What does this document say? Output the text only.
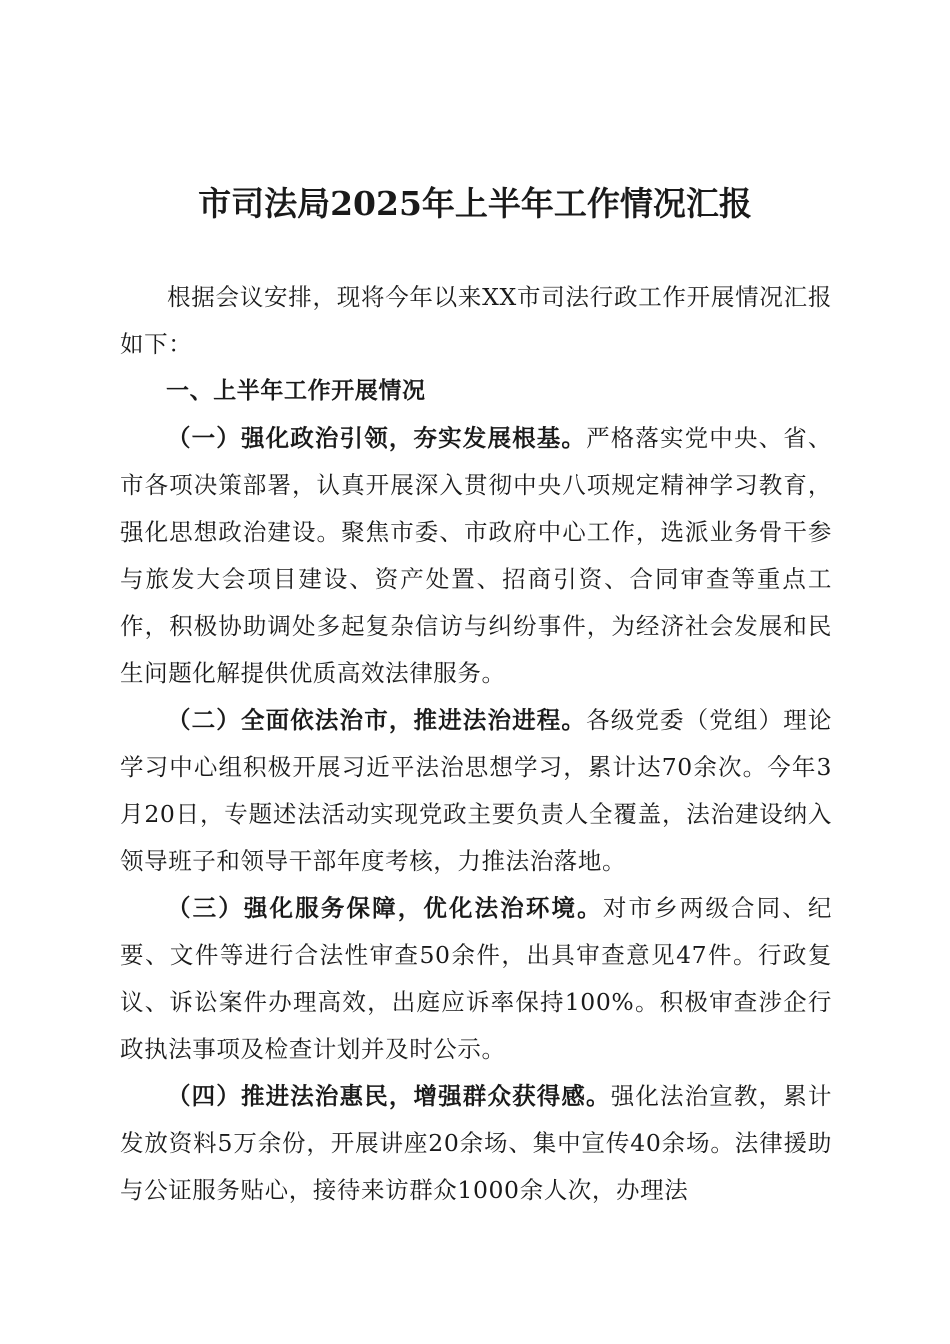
市司法局2025年上半年工作情况汇报

根据会议安排，现将今年以来XX市司法行政工作开展情况汇报如下：

一、上半年工作开展情况

（一）强化政治引领，夯实发展根基。严格落实党中央、省、市各项决策部署，认真开展深入贯彻中央八项规定精神学习教育，强化思想政治建设。聚焦市委、市政府中心工作，选派业务骨干参与旅发大会项目建设、资产处置、招商引资、合同审查等重点工作，积极协助调处多起复杂信访与纠纷事件，为经济社会发展和民生问题化解提供优质高效法律服务。

（二）全面依法治市，推进法治进程。各级党委（党组）理论学习中心组积极开展习近平法治思想学习，累计达70余次。今年3月20日，专题述法活动实现党政主要负责人全覆盖，法治建设纳入领导班子和领导干部年度考核，力推法治落地。

（三）强化服务保障，优化法治环境。对市乡两级合同、纪要、文件等进行合法性审查50余件，出具审查意见47件。行政复议、诉讼案件办理高效，出庭应诉率保持100%。积极审查涉企行政执法事项及检查计划并及时公示。

（四）推进法治惠民，增强群众获得感。强化法治宣教，累计发放资料5万余份，开展讲座20余场、集中宣传40余场。法律援助与公证服务贴心，接待来访群众1000余人次，办理法
